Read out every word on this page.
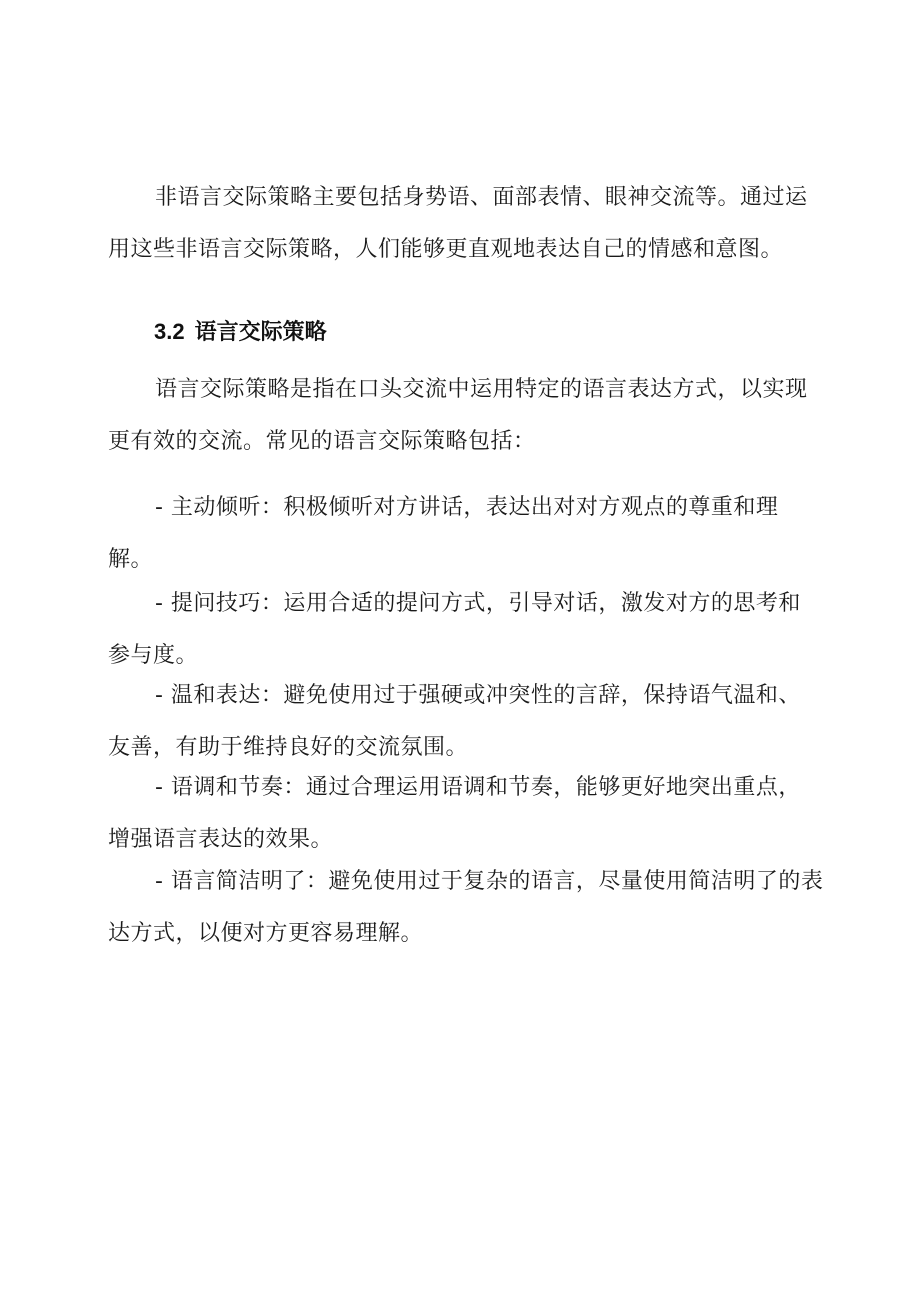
非语言交际策略主要包括身势语、面部表情、眼神交流等。通过运用这些非语言交际策略，人们能够更直观地表达自己的情感和意图。

3.2 语言交际策略

语言交际策略是指在口头交流中运用特定的语言表达方式，以实现更有效的交流。常见的语言交际策略包括：

- 主动倾听：积极倾听对方讲话，表达出对对方观点的尊重和理解。

- 提问技巧：运用合适的提问方式，引导对话，激发对方的思考和参与度。

- 温和表达：避免使用过于强硬或冲突性的言辞，保持语气温和、友善，有助于维持良好的交流氛围。

- 语调和节奏：通过合理运用语调和节奏，能够更好地突出重点，增强语言表达的效果。

- 语言简洁明了：避免使用过于复杂的语言，尽量使用简洁明了的表达方式，以便对方更容易理解。
